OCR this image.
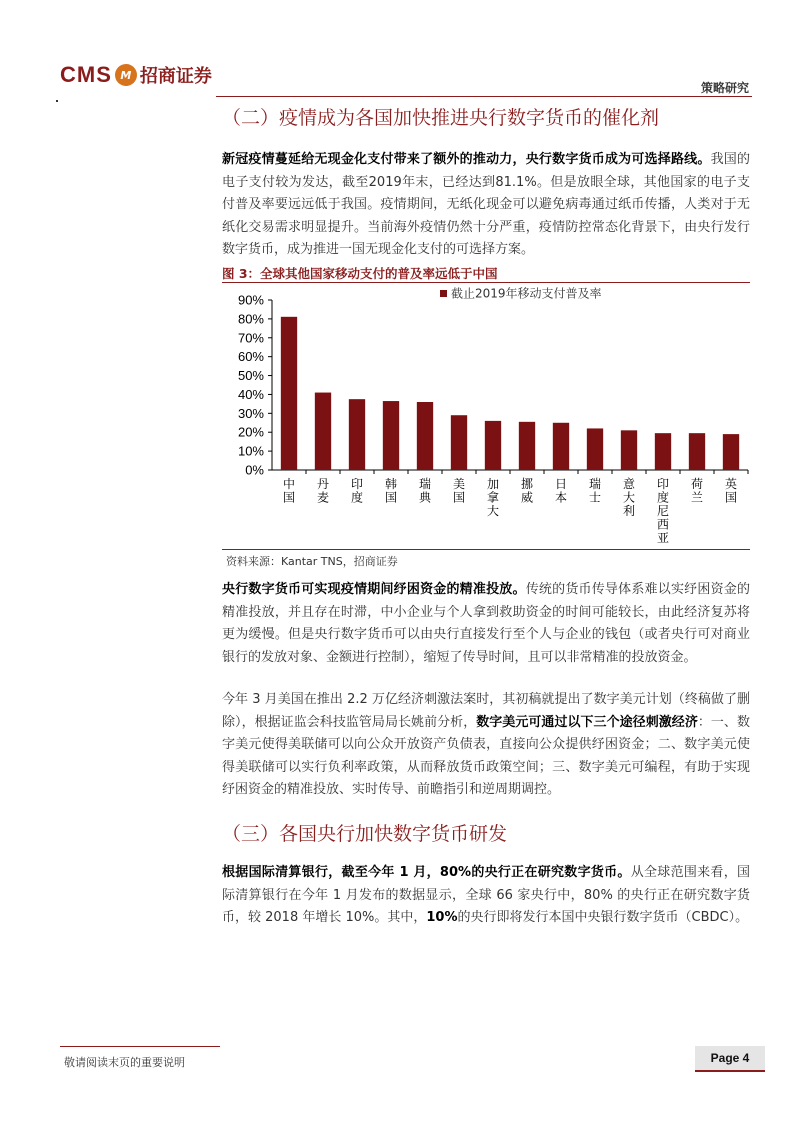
CMS M 招商证券
策略研究
（二）疫情成为各国加快推进央行数字货币的催化剂
新冠疫情蔓延给无现金化支付带来了额外的推动力，央行数字货币成为可选择路线。我国的电子支付较为发达，截至2019年末，已经达到81.1%。但是放眼全球，其他国家的电子支付普及率要远远低于我国。疫情期间，无纸化现金可以避免病毒通过纸币传播，人类对于无纸化交易需求明显提升。当前海外疫情仍然十分严重，疫情防控常态化背景下，由央行发行数字货币，成为推进一国无现金化支付的可选择方案。
图 3：全球其他国家移动支付的普及率远低于中国
0%
10%
20%
30%
40%
50%
60%
70%
80%
90%
中国
丹麦
印度
韩国
瑞典
美国
加拿大
挪威
日本
瑞士
意大利
印度尼西亚
荷兰
英国
截止2019年移动支付普及率
资料来源：Kantar TNS，招商证券
央行数字货币可实现疫情期间纾困资金的精准投放。传统的货币传导体系难以实纾困资金的精准投放，并且存在时滞，中小企业与个人拿到救助资金的时间可能较长，由此经济复苏将更为缓慢。但是央行数字货币可以由央行直接发行至个人与企业的钱包（或者央行可对商业银行的发放对象、金额进行控制），缩短了传导时间，且可以非常精准的投放资金。
今年 3 月美国在推出 2.2 万亿经济刺激法案时，其初稿就提出了数字美元计划（终稿做了删除），根据证监会科技监管局局长姚前分析，数字美元可通过以下三个途径刺激经济：一、数字美元使得美联储可以向公众开放资产负债表，直接向公众提供纾困资金；二、数字美元使得美联储可以实行负利率政策，从而释放货币政策空间；三、数字美元可编程，有助于实现纾困资金的精准投放、实时传导、前瞻指引和逆周期调控。
（三）各国央行加快数字货币研发
根据国际清算银行，截至今年 1 月，80%的央行正在研究数字货币。从全球范围来看，国际清算银行在今年 1 月发布的数据显示，全球 66 家央行中，80% 的央行正在研究数字货币，较 2018 年增长 10%。其中，10%的央行即将发行本国中央银行数字货币（CBDC）。
敬请阅读末页的重要说明	Page 4
